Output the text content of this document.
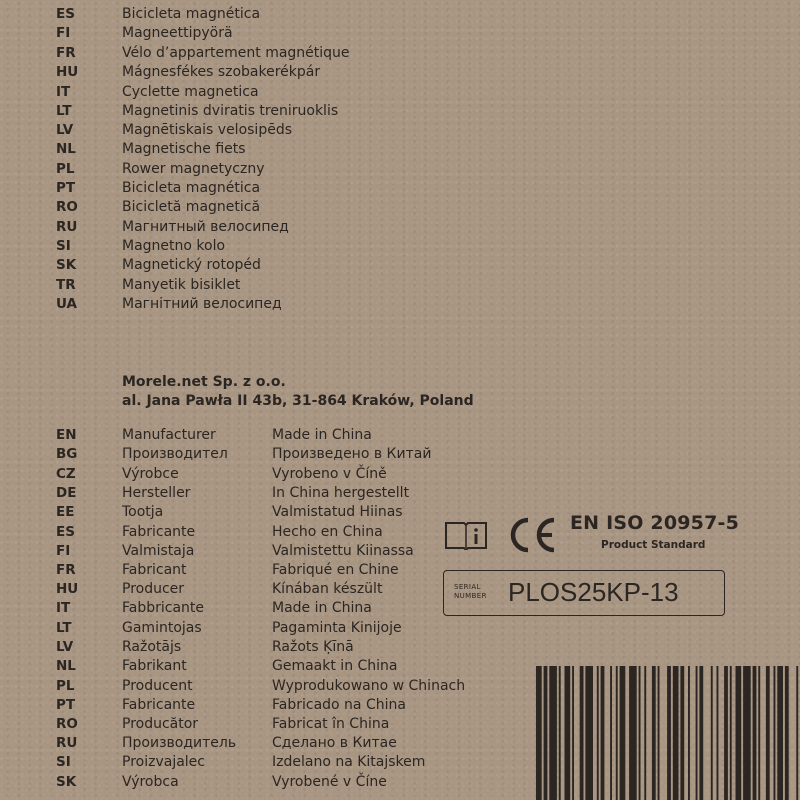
ES	Bicicleta magnética
FI	Magneettipyörä
FR	Vélo d’appartement magnétique
HU	Mágnesfékes szobakerékpár
IT	Cyclette magnetica
LT	Magnetinis dviratis treniruoklis
LV	Magnētiskais velosipēds
NL	Magnetische fiets
PL	Rower magnetyczny
PT	Bicicleta magnética
RO	Bicicletă magnetică
RU	Магнитный велосипед
SI	Magnetno kolo
SK	Magnetický rotopéd
TR	Manyetik bisiklet
UA	Магнітний велосипед
Morele.net Sp. z o.o.
al. Jana Pawła II 43b, 31-864 Kraków, Poland
EN	Manufacturer	Made in China
BG	Производител	Произведено в Китай
CZ	Výrobce	Vyrobeno v Číně
DE	Hersteller	In China hergestellt
EE	Tootja	Valmistatud Hiinas
ES	Fabricante	Hecho en China
FI	Valmistaja	Valmistettu Kiinassa
FR	Fabricant	Fabriqué en Chine
HU	Producer	Kínában készült
IT	Fabbricante	Made in China
LT	Gamintojas	Pagaminta Kinijoje
LV	Ražotājs	Ražots Ķīnā
NL	Fabrikant	Gemaakt in China
PL	Producent	Wyprodukowano w Chinach
PT	Fabricante	Fabricado na China
RO	Producător	Fabricat în China
RU	Производитель	Сделано в Китае
SI	Proizvajalec	Izdelano na Kitajskem
SK	Výrobca	Vyrobené v Číne
EN ISO 20957-5
Product Standard
SERIAL
NUMBER PLOS25KP-13
